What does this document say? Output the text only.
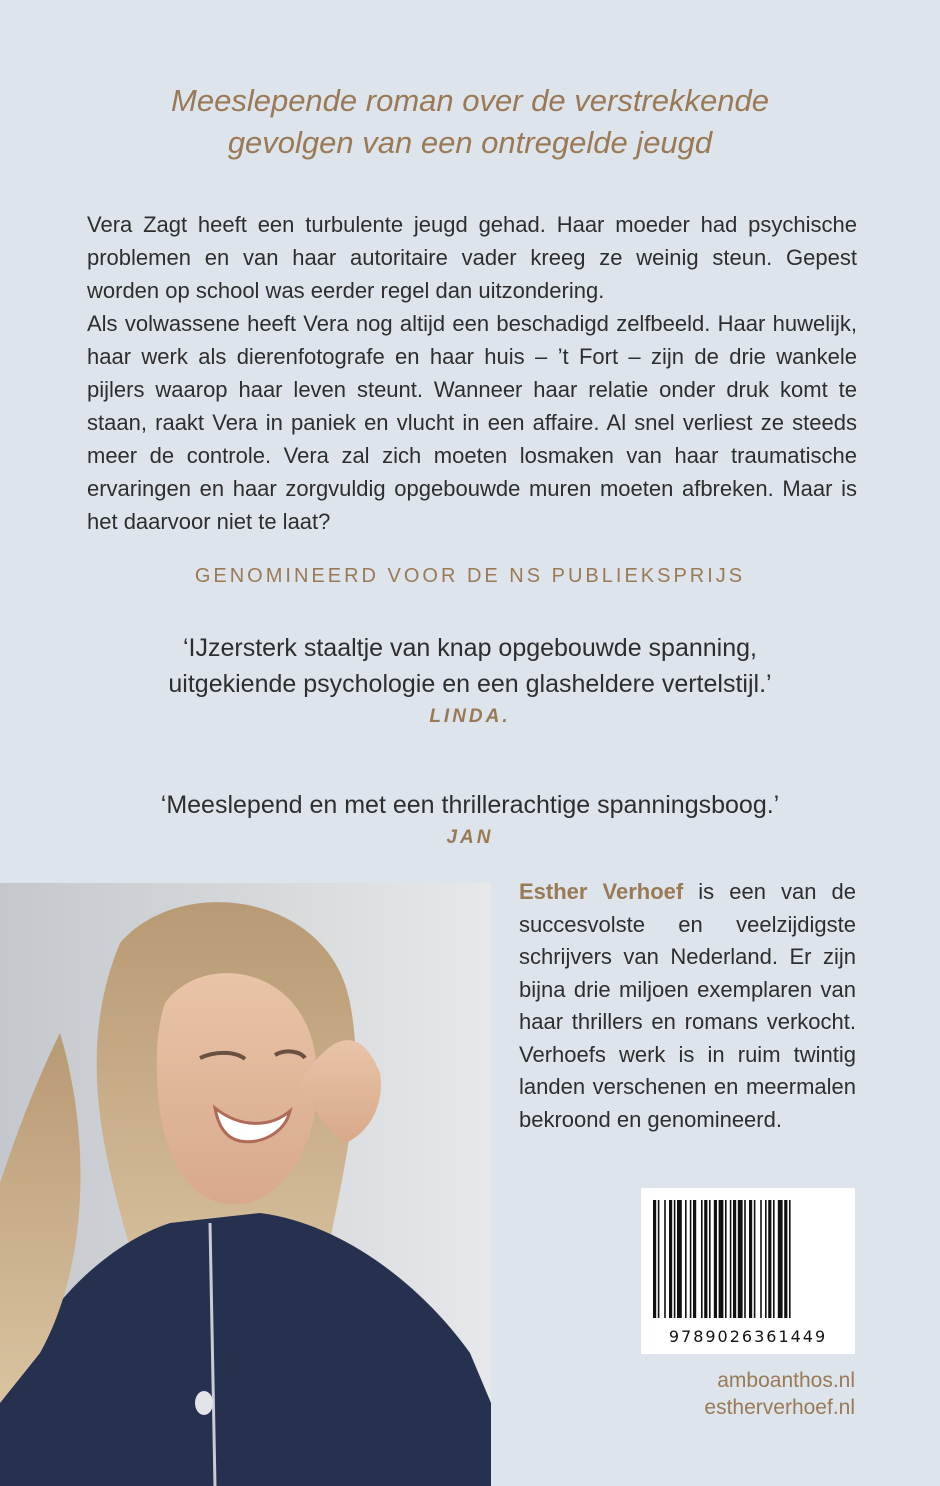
Meeslepende roman over de verstrekkende
gevolgen van een ontregelde jeugd

Vera Zagt heeft een turbulente jeugd gehad. Haar moeder had psychische problemen en van haar autoritaire vader kreeg ze weinig steun. Gepest worden op school was eerder regel dan uitzondering.

Als volwassene heeft Vera nog altijd een beschadigd zelfbeeld. Haar huwelijk, haar werk als dierenfotografe en haar huis – ’t Fort – zijn de drie wankele pijlers waarop haar leven steunt. Wanneer haar relatie onder druk komt te staan, raakt Vera in paniek en vlucht in een affaire. Al snel verliest ze steeds meer de controle. Vera zal zich moeten losmaken van haar traumatische ervaringen en haar zorgvuldig opgebouwde muren moeten afbreken. Maar is het daarvoor niet te laat?

GENOMINEERD VOOR DE NS PUBLIEKSPRIJS
‘IJzersterk staaltje van knap opgebouwde spanning,
uitgekiende psychologie en een glasheldere vertelstijl.’
LINDA.
‘Meeslepend en met een thrillerachtige spanningsboog.’
JAN
Esther Verhoef is een van de succesvolste en veelzijdigste schrijvers van Nederland. Er zijn bijna drie miljoen exemplaren van haar thrillers en romans verkocht. Verhoefs werk is in ruim twintig landen verschenen en meermalen bekroond en genomineerd.
9789026361449
amboanthos.nl
estherverhoef.nl
